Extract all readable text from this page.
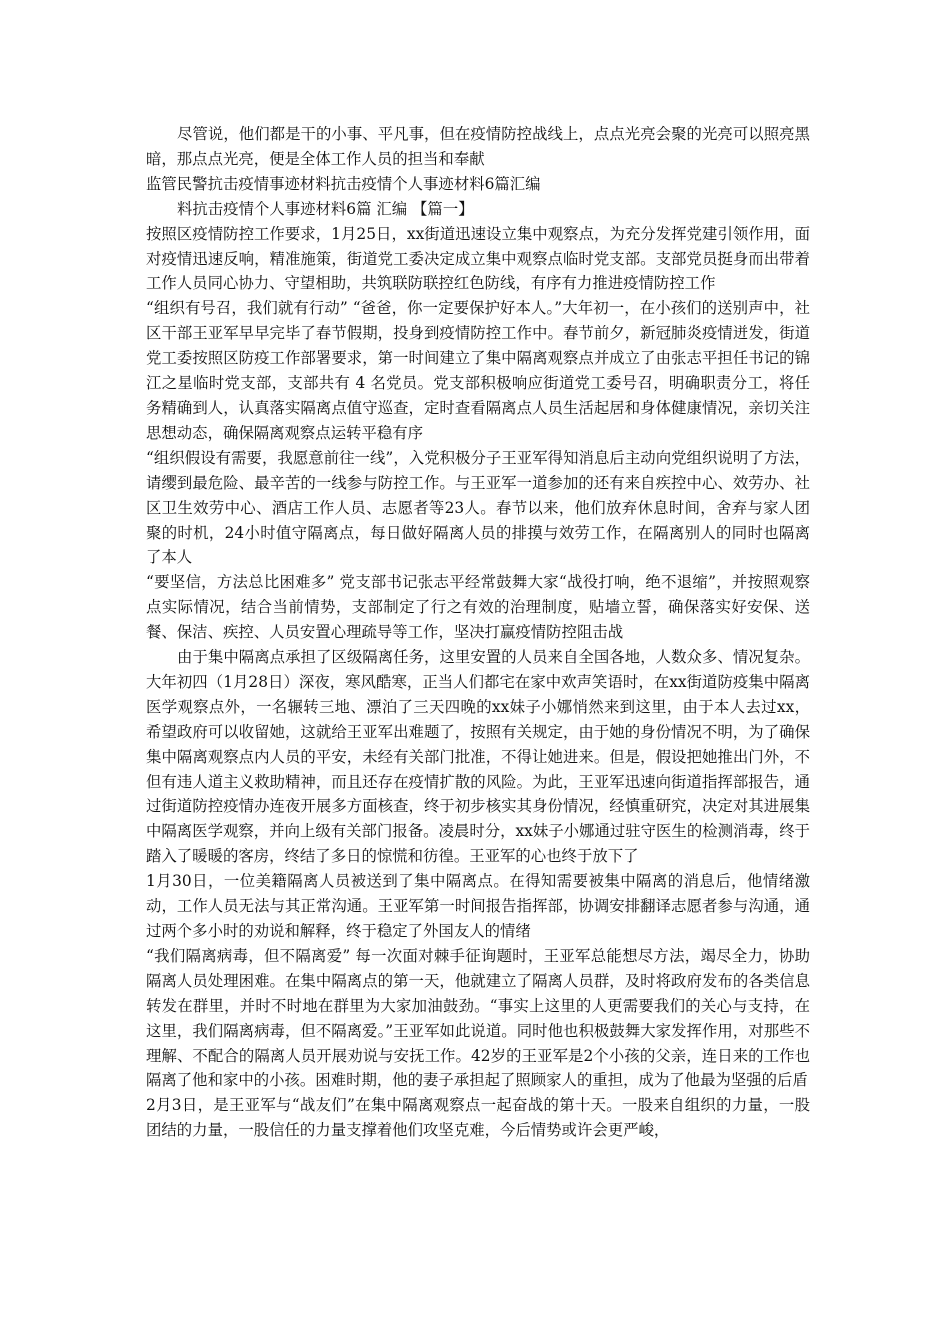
尽管说，他们都是干的小事、平凡事，但在疫情防控战线上，点点光亮会聚的光亮可以照亮黑暗，那点点光亮，便是全体工作人员的担当和奉献

监管民警抗击疫情事迹材料抗击疫情个人事迹材料6篇汇编

料抗击疫情个人事迹材料6篇 汇编 【篇一】

按照区疫情防控工作要求，1月25日，xx街道迅速设立集中观察点，为充分发挥党建引领作用，面对疫情迅速反响，精准施策，街道党工委决定成立集中观察点临时党支部。支部党员挺身而出带着工作人员同心协力、守望相助，共筑联防联控红色防线，有序有力推进疫情防控工作

“组织有号召，我们就有行动” “爸爸，你一定要保护好本人。”大年初一，在小孩们的送别声中，社区干部王亚军早早完毕了春节假期，投身到疫情防控工作中。春节前夕，新冠肺炎疫情迸发，街道党工委按照区防疫工作部署要求，第一时间建立了集中隔离观察点并成立了由张志平担任书记的锦江之星临时党支部，支部共有 4 名党员。党支部积极响应街道党工委号召，明确职责分工，将任务精确到人，认真落实隔离点值守巡查，定时查看隔离点人员生活起居和身体健康情况，亲切关注思想动态，确保隔离观察点运转平稳有序

“组织假设有需要，我愿意前往一线”，入党积极分子王亚军得知消息后主动向党组织说明了方法，请缨到最危险、最辛苦的一线参与防控工作。与王亚军一道参加的还有来自疾控中心、效劳办、社区卫生效劳中心、酒店工作人员、志愿者等23人。春节以来，他们放弃休息时间，舍弃与家人团聚的时机，24小时值守隔离点，每日做好隔离人员的排摸与效劳工作，在隔离别人的同时也隔离了本人

“要坚信，方法总比困难多” 党支部书记张志平经常鼓舞大家“战役打响，绝不退缩”，并按照观察点实际情况，结合当前情势，支部制定了行之有效的治理制度，贴墙立誓，确保落实好安保、送餐、保洁、疾控、人员安置心理疏导等工作，坚决打赢疫情防控阻击战

由于集中隔离点承担了区级隔离任务，这里安置的人员来自全国各地，人数众多、情况复杂。大年初四（1月28日）深夜，寒风酷寒，正当人们都宅在家中欢声笑语时，在xx街道防疫集中隔离医学观察点外，一名辗转三地、漂泊了三天四晚的xx妹子小娜悄然来到这里，由于本人去过xx，希望政府可以收留她，这就给王亚军出难题了，按照有关规定，由于她的身份情况不明，为了确保集中隔离观察点内人员的平安，未经有关部门批准，不得让她进来。但是，假设把她推出门外，不但有违人道主义救助精神，而且还存在疫情扩散的风险。为此，王亚军迅速向街道指挥部报告，通过街道防控疫情办连夜开展多方面核查，终于初步核实其身份情况，经慎重研究，决定对其进展集中隔离医学观察，并向上级有关部门报备。凌晨时分，xx妹子小娜通过驻守医生的检测消毒，终于踏入了暖暖的客房，终结了多日的惊慌和彷徨。王亚军的心也终于放下了

1月30日，一位美籍隔离人员被送到了集中隔离点。在得知需要被集中隔离的消息后，他情绪激动，工作人员无法与其正常沟通。王亚军第一时间报告指挥部，协调安排翻译志愿者参与沟通，通过两个多小时的劝说和解释，终于稳定了外国友人的情绪

“我们隔离病毒，但不隔离爱” 每一次面对棘手征询题时，王亚军总能想尽方法，竭尽全力，协助隔离人员处理困难。在集中隔离点的第一天，他就建立了隔离人员群，及时将政府发布的各类信息转发在群里，并时不时地在群里为大家加油鼓劲。“事实上这里的人更需要我们的关心与支持，在这里，我们隔离病毒，但不隔离爱。”王亚军如此说道。同时他也积极鼓舞大家发挥作用，对那些不理解、不配合的隔离人员开展劝说与安抚工作。42岁的王亚军是2个小孩的父亲，连日来的工作也隔离了他和家中的小孩。困难时期，他的妻子承担起了照顾家人的重担，成为了他最为坚强的后盾

2月3日，是王亚军与“战友们”在集中隔离观察点一起奋战的第十天。一股来自组织的力量，一股团结的力量，一股信任的力量支撑着他们攻坚克难，今后情势或许会更严峻，
